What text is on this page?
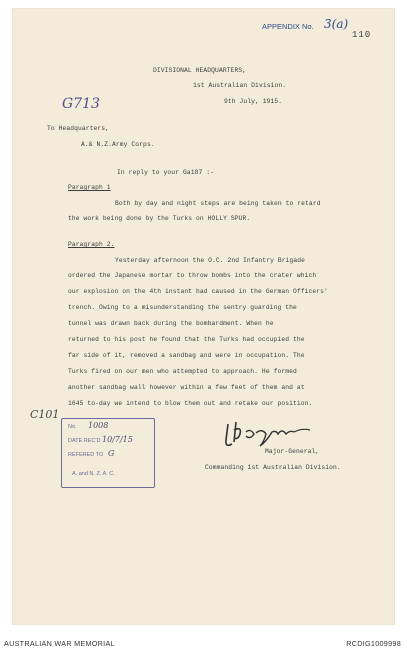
APPENDIX No. 3(a)
110
G713
DIVISIONAL HEADQUARTERS,
1st Australian Division.
9th July, 1915.
To Headquarters,
A.& N.Z.Army Corps.
In reply to your Ga187 :-
Paragraph 1
Both by day and night steps are being taken to retard
the work being done by the Turks on HOLLY SPUR.
Paragraph 2.
Yesterday afternoon the O.C. 2nd Infantry Brigade
ordered the Japanese mortar to throw bombs into the crater which
our explosion on the 4th instant had caused in the German Officers'
trench. Owing to a misunderstanding the sentry guarding the
tunnel was drawn back during the bombardment. When he
returned to his post he found that the Turks had occupied the
far side of it, removed a sandbag and were in occupation. The
Turks fired on our men who attempted to approach. He formed
another sandbag wall however within a few feet of them and at
1645 to-day we intend to blow them out and retake our position.
C101
No. 1008
DATE REC'D 10/7/15
REFERED TO G
A. and N. Z. A. C.
Major-General,
Commanding 1st Australian Division.
AUSTRALIAN WAR MEMORIAL	RCDIG1009998
